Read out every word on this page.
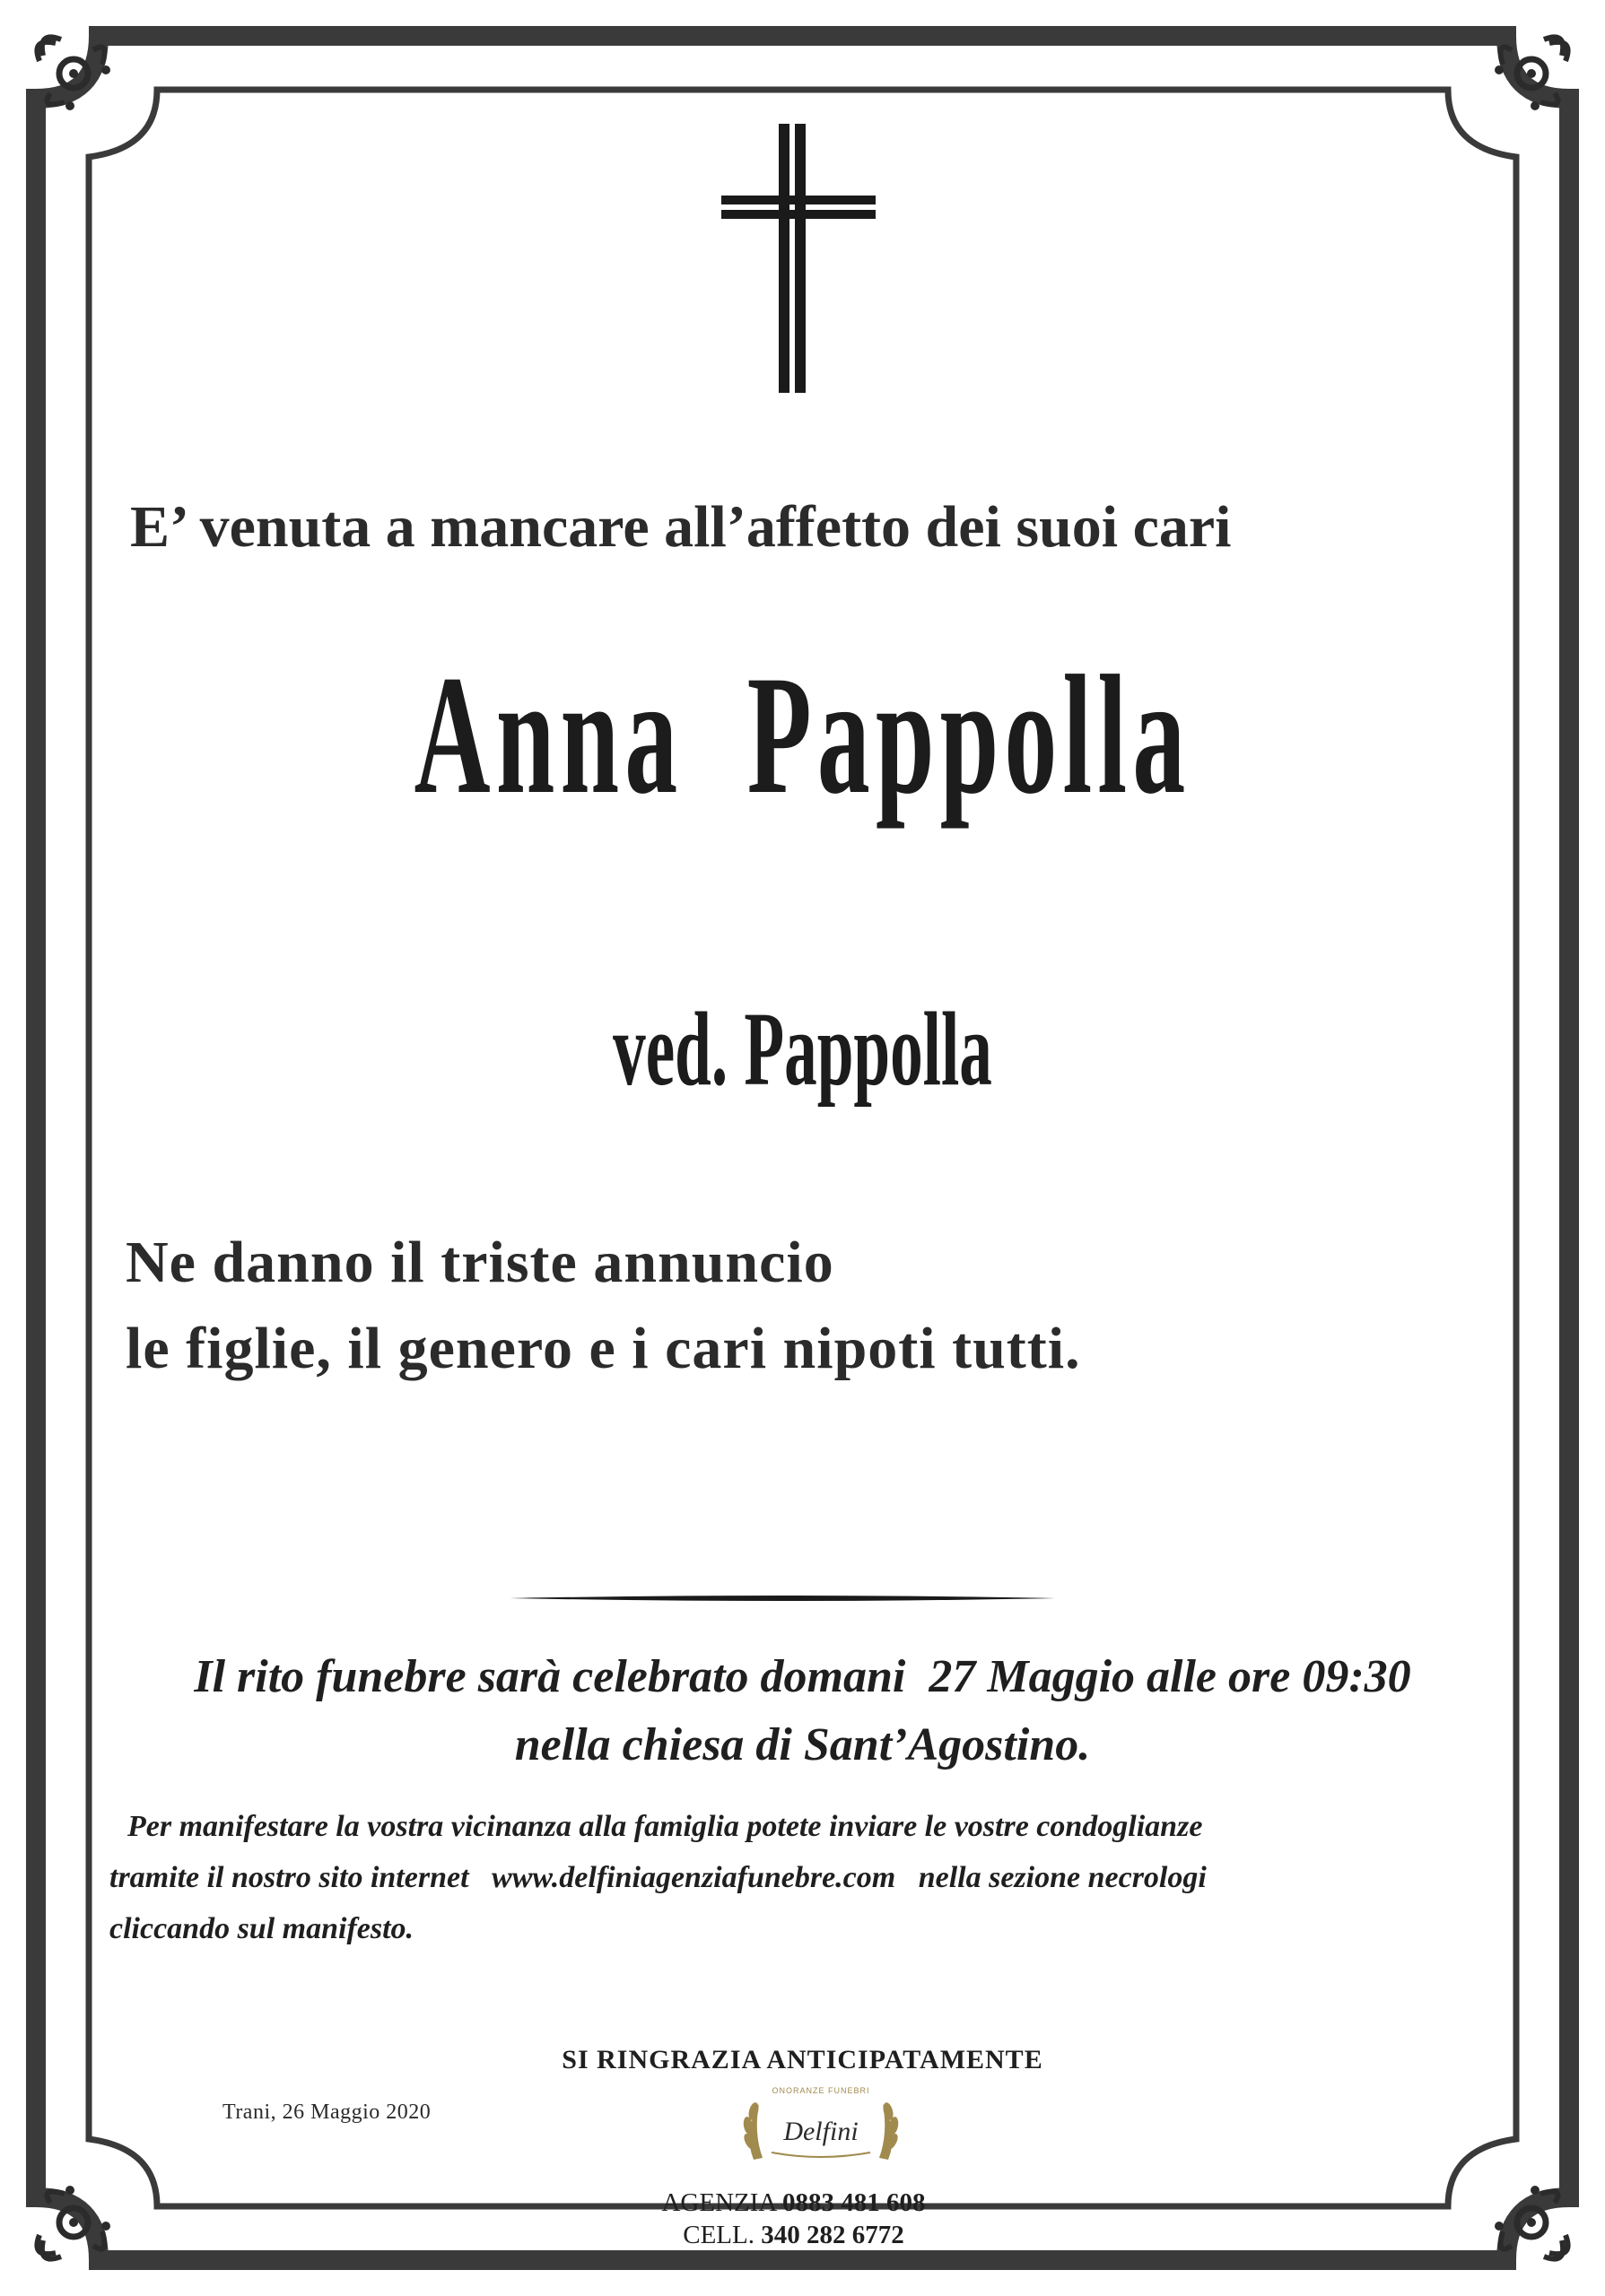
E’ venuta a mancare all’affetto dei suoi cari
Anna  Pappolla
ved. Pappolla
Ne danno il triste annuncio
le figlie, il genero e i cari nipoti tutti.
Il rito funebre sarà celebrato domani  27 Maggio alle ore 09:30
nella chiesa di Sant’Agostino.
Per manifestare la vostra vicinanza alla famiglia potete inviare le vostre condoglianze
tramite il nostro sito internet www.delfiniagenziafunebre.com nella sezione necrologi
cliccando sul manifesto.
SI RINGRAZIA ANTICIPATAMENTE
Trani, 26 Maggio 2020
ONORANZE FUNEBRI
Delfini
AGENZIA 0883 481 608
CELL. 340 282 6772
